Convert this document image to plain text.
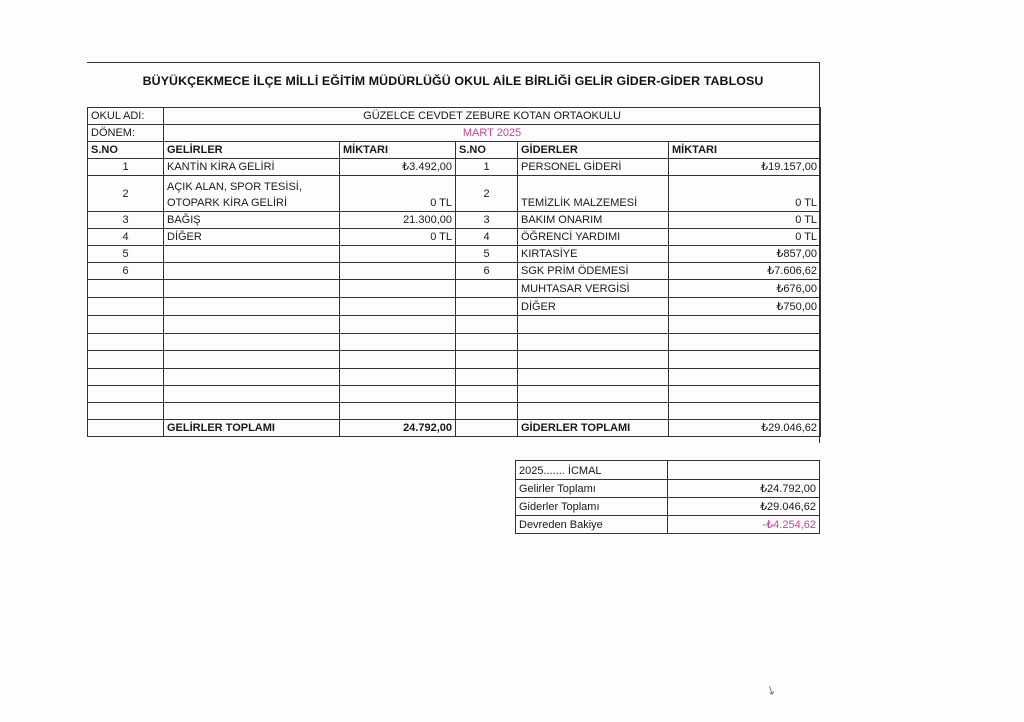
BÜYÜKÇEKMECE İLÇE MİLLİ EĞİTİM MÜDÜRLÜĞÜ OKUL AİLE BİRLİĞİ GELİR GİDER-GİDER TABLOSU
OKUL ADI:	GÜZELCE CEVDET ZEBURE KOTAN ORTAOKULU				
DÖNEM:	MART 2025				
S.NO	GELİRLER	MİKTARI	S.NO	GİDERLER	MİKTARI
1	KANTİN KİRA GELİRİ	₺3.492,00	1	PERSONEL GİDERİ	₺19.157,00
2	AÇIK ALAN, SPOR TESİSİ,
OTOPARK KİRA GELİRİ	0 TL	2	TEMİZLİK MALZEMESİ	0 TL
3	BAĞIŞ	21.300,00	3	BAKIM ONARIM	0 TL
4	DİĞER	0 TL	4	ÖĞRENCİ YARDIMI	0 TL
5			5	KIRTASİYE	₺857,00
6			6	SGK PRİM ÖDEMESİ	₺7.606,62
				MUHTASAR VERGİSİ	₺676,00
				DİĞER	₺750,00

	GELİRLER TOPLAMI	24.792,00		GİDERLER TOPLAMI	₺29.046,62
2025....... İCMAL	
Gelirler Toplamı	₺24.792,00
Giderler Toplamı	₺29.046,62
Devreden Bakiye	-₺4.254,62
↘
